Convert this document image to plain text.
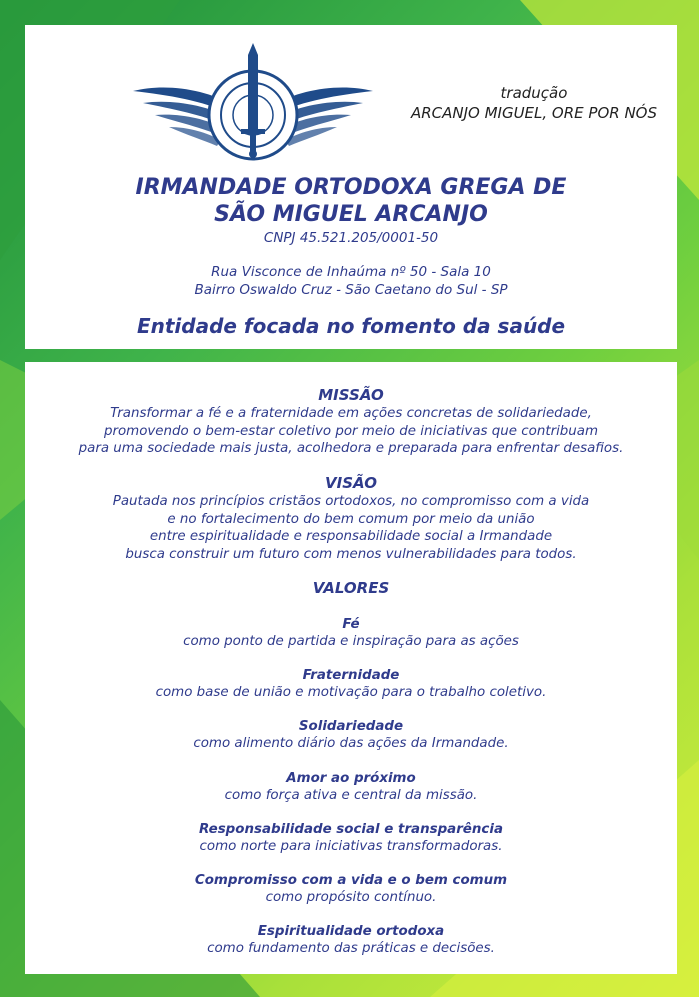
tradução
ARCANJO MIGUEL, ORE POR NÓS
IRMANDADE ORTODOXA GREGA DE
SÃO MIGUEL ARCANJO
CNPJ 45.521.205/0001-50
Rua Visconce de Inhaúma nº 50 - Sala 10
Bairro Oswaldo Cruz - São Caetano do Sul - SP
Entidade focada no fomento da saúde
MISSÃO
Transformar a fé e a fraternidade em ações concretas de solidariedade,
promovendo o bem-estar coletivo por meio de iniciativas que contribuam
para uma sociedade mais justa, acolhedora e preparada para enfrentar desafios.
VISÃO
Pautada nos princípios cristãos ortodoxos, no compromisso com a vida
e no fortalecimento do bem comum por meio da união
entre espiritualidade e responsabilidade social a Irmandade
busca construir um futuro com menos vulnerabilidades para todos.
VALORES
Fé
como ponto de partida e inspiração para as ações
Fraternidade
como base de união e motivação para o trabalho coletivo.
Solidariedade
como alimento diário das ações da Irmandade.
Amor ao próximo
como força ativa e central da missão.
Responsabilidade social e transparência
como norte para iniciativas transformadoras.
Compromisso com a vida e o bem comum
como propósito contínuo.
Espiritualidade ortodoxa
como fundamento das práticas e decisões.
